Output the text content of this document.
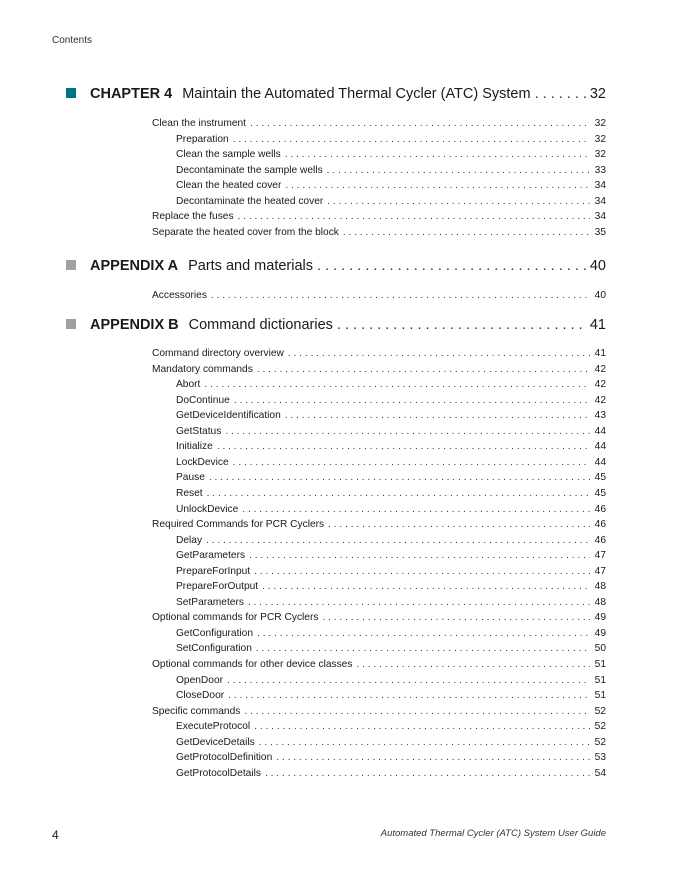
Contents
CHAPTER 4 Maintain the Automated Thermal Cycler (ATC) System . . .	32
Clean the instrument . . .	32
Preparation . . .	32
Clean the sample wells . . .	32
Decontaminate the sample wells . . .	33
Clean the heated cover . . .	34
Decontaminate the heated cover . . .	34
Replace the fuses . . .	34
Separate the heated cover from the block . . .	35
APPENDIX A Parts and materials . . .	40
Accessories . . .	40
APPENDIX B Command dictionaries . . .	41
Command directory overview . . .	41
Mandatory commands . . .	42
Abort . . .	42
DoContinue . . .	42
GetDeviceIdentification . . .	43
GetStatus . . .	44
Initialize . . .	44
LockDevice . . .	44
Pause . . .	45
Reset . . .	45
UnlockDevice . . .	46
Required Commands for PCR Cyclers . . .	46
Delay . . .	46
GetParameters . . .	47
PrepareForInput . . .	47
PrepareForOutput . . .	48
SetParameters . . .	48
Optional commands for PCR Cyclers . . .	49
GetConfiguration . . .	49
SetConfiguration . . .	50
Optional commands for other device classes . . .	51
OpenDoor . . .	51
CloseDoor . . .	51
Specific commands . . .	52
ExecuteProtocol . . .	52
GetDeviceDetails . . .	52
GetProtocolDefinition . . .	53
GetProtocolDetails . . .	54
4	Automated Thermal Cycler (ATC) System User Guide
